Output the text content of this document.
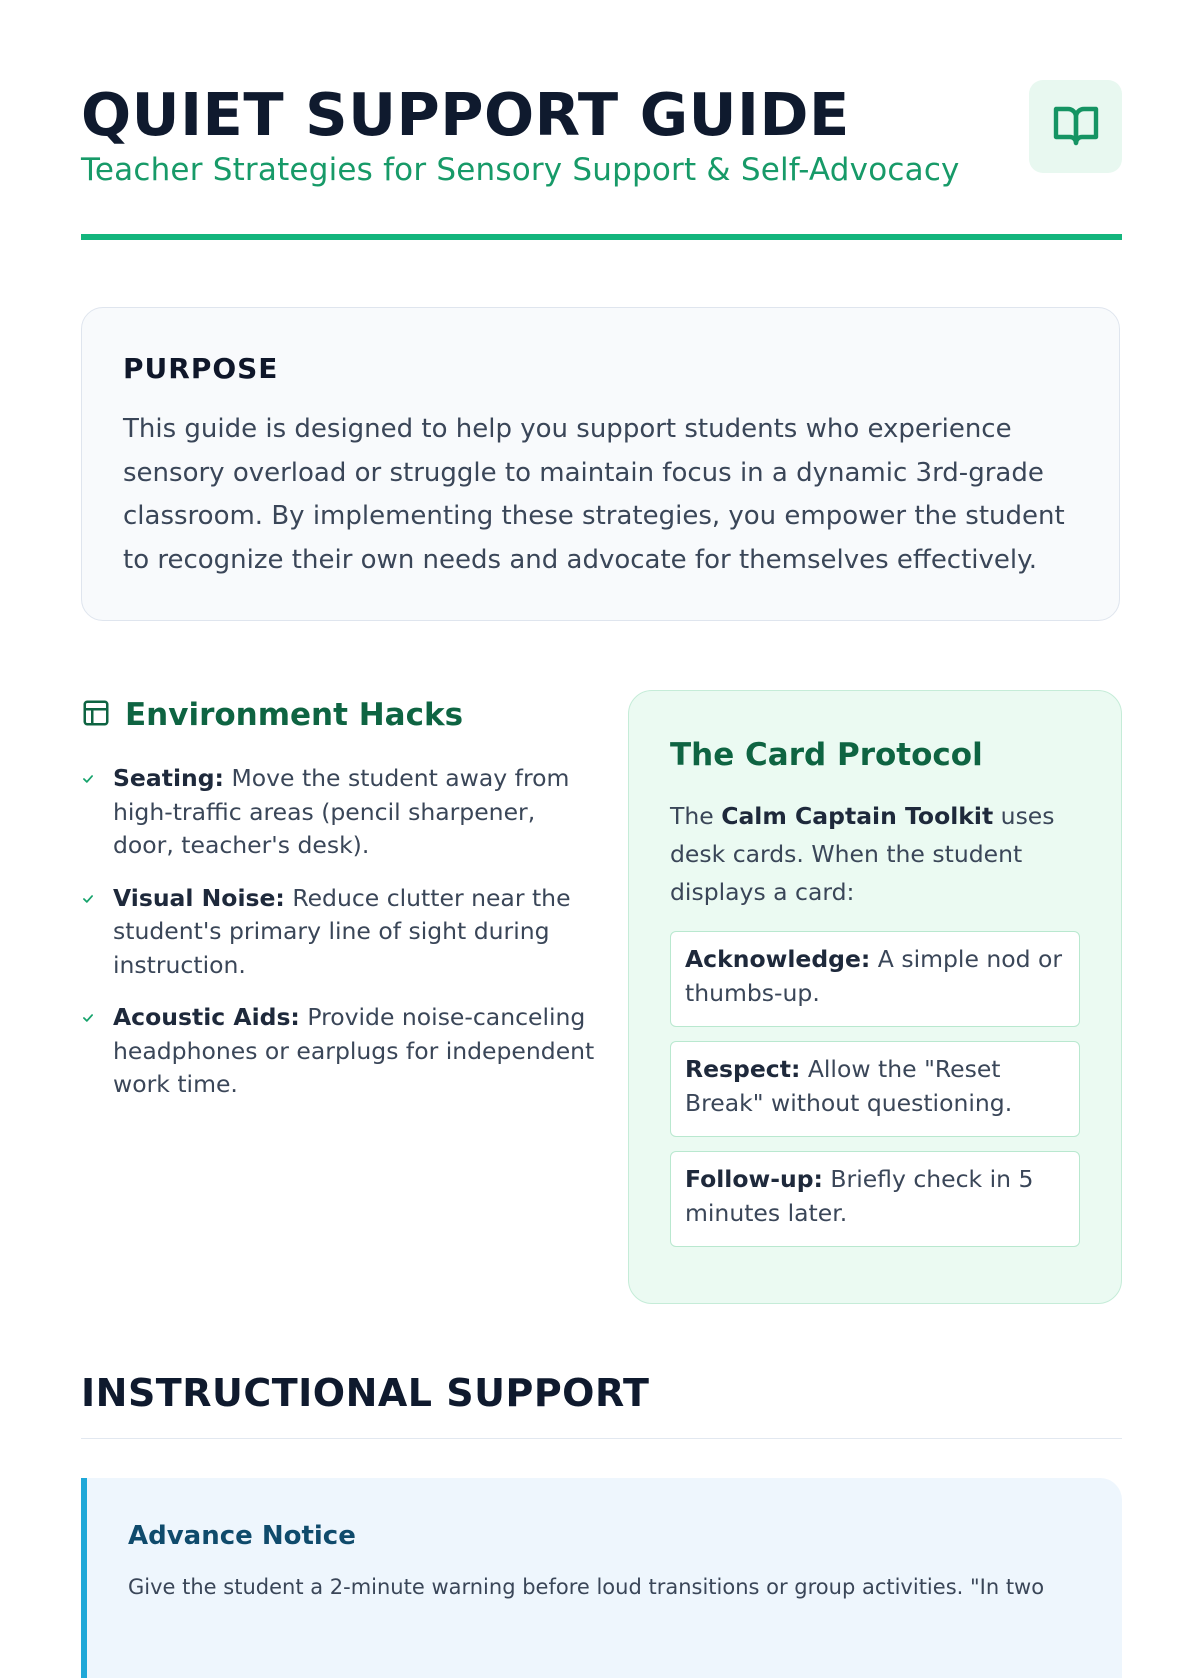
QUIET SUPPORT GUIDE
Teacher Strategies for Sensory Support & Self-Advocacy
PURPOSE

This guide is designed to help you support students who experience sensory overload or struggle to maintain focus in a dynamic 3rd-grade classroom. By implementing these strategies, you empower the student to recognize their own needs and advocate for themselves effectively.

Environment Hacks
Seating: Move the student away from high-traffic areas (pencil sharpener, door, teacher's desk).
Visual Noise: Reduce clutter near the student's primary line of sight during instruction.
Acoustic Aids: Provide noise-canceling headphones or earplugs for independent work time.
The Card Protocol

The Calm Captain Toolkit uses desk cards. When the student displays a card:

Acknowledge: A simple nod or thumbs-up.
Respect: Allow the "Reset Break" without questioning.
Follow-up: Briefly check in 5 minutes later.
INSTRUCTIONAL SUPPORT
Advance Notice

Give the student a 2-minute warning before loud transitions or group activities. "In two
